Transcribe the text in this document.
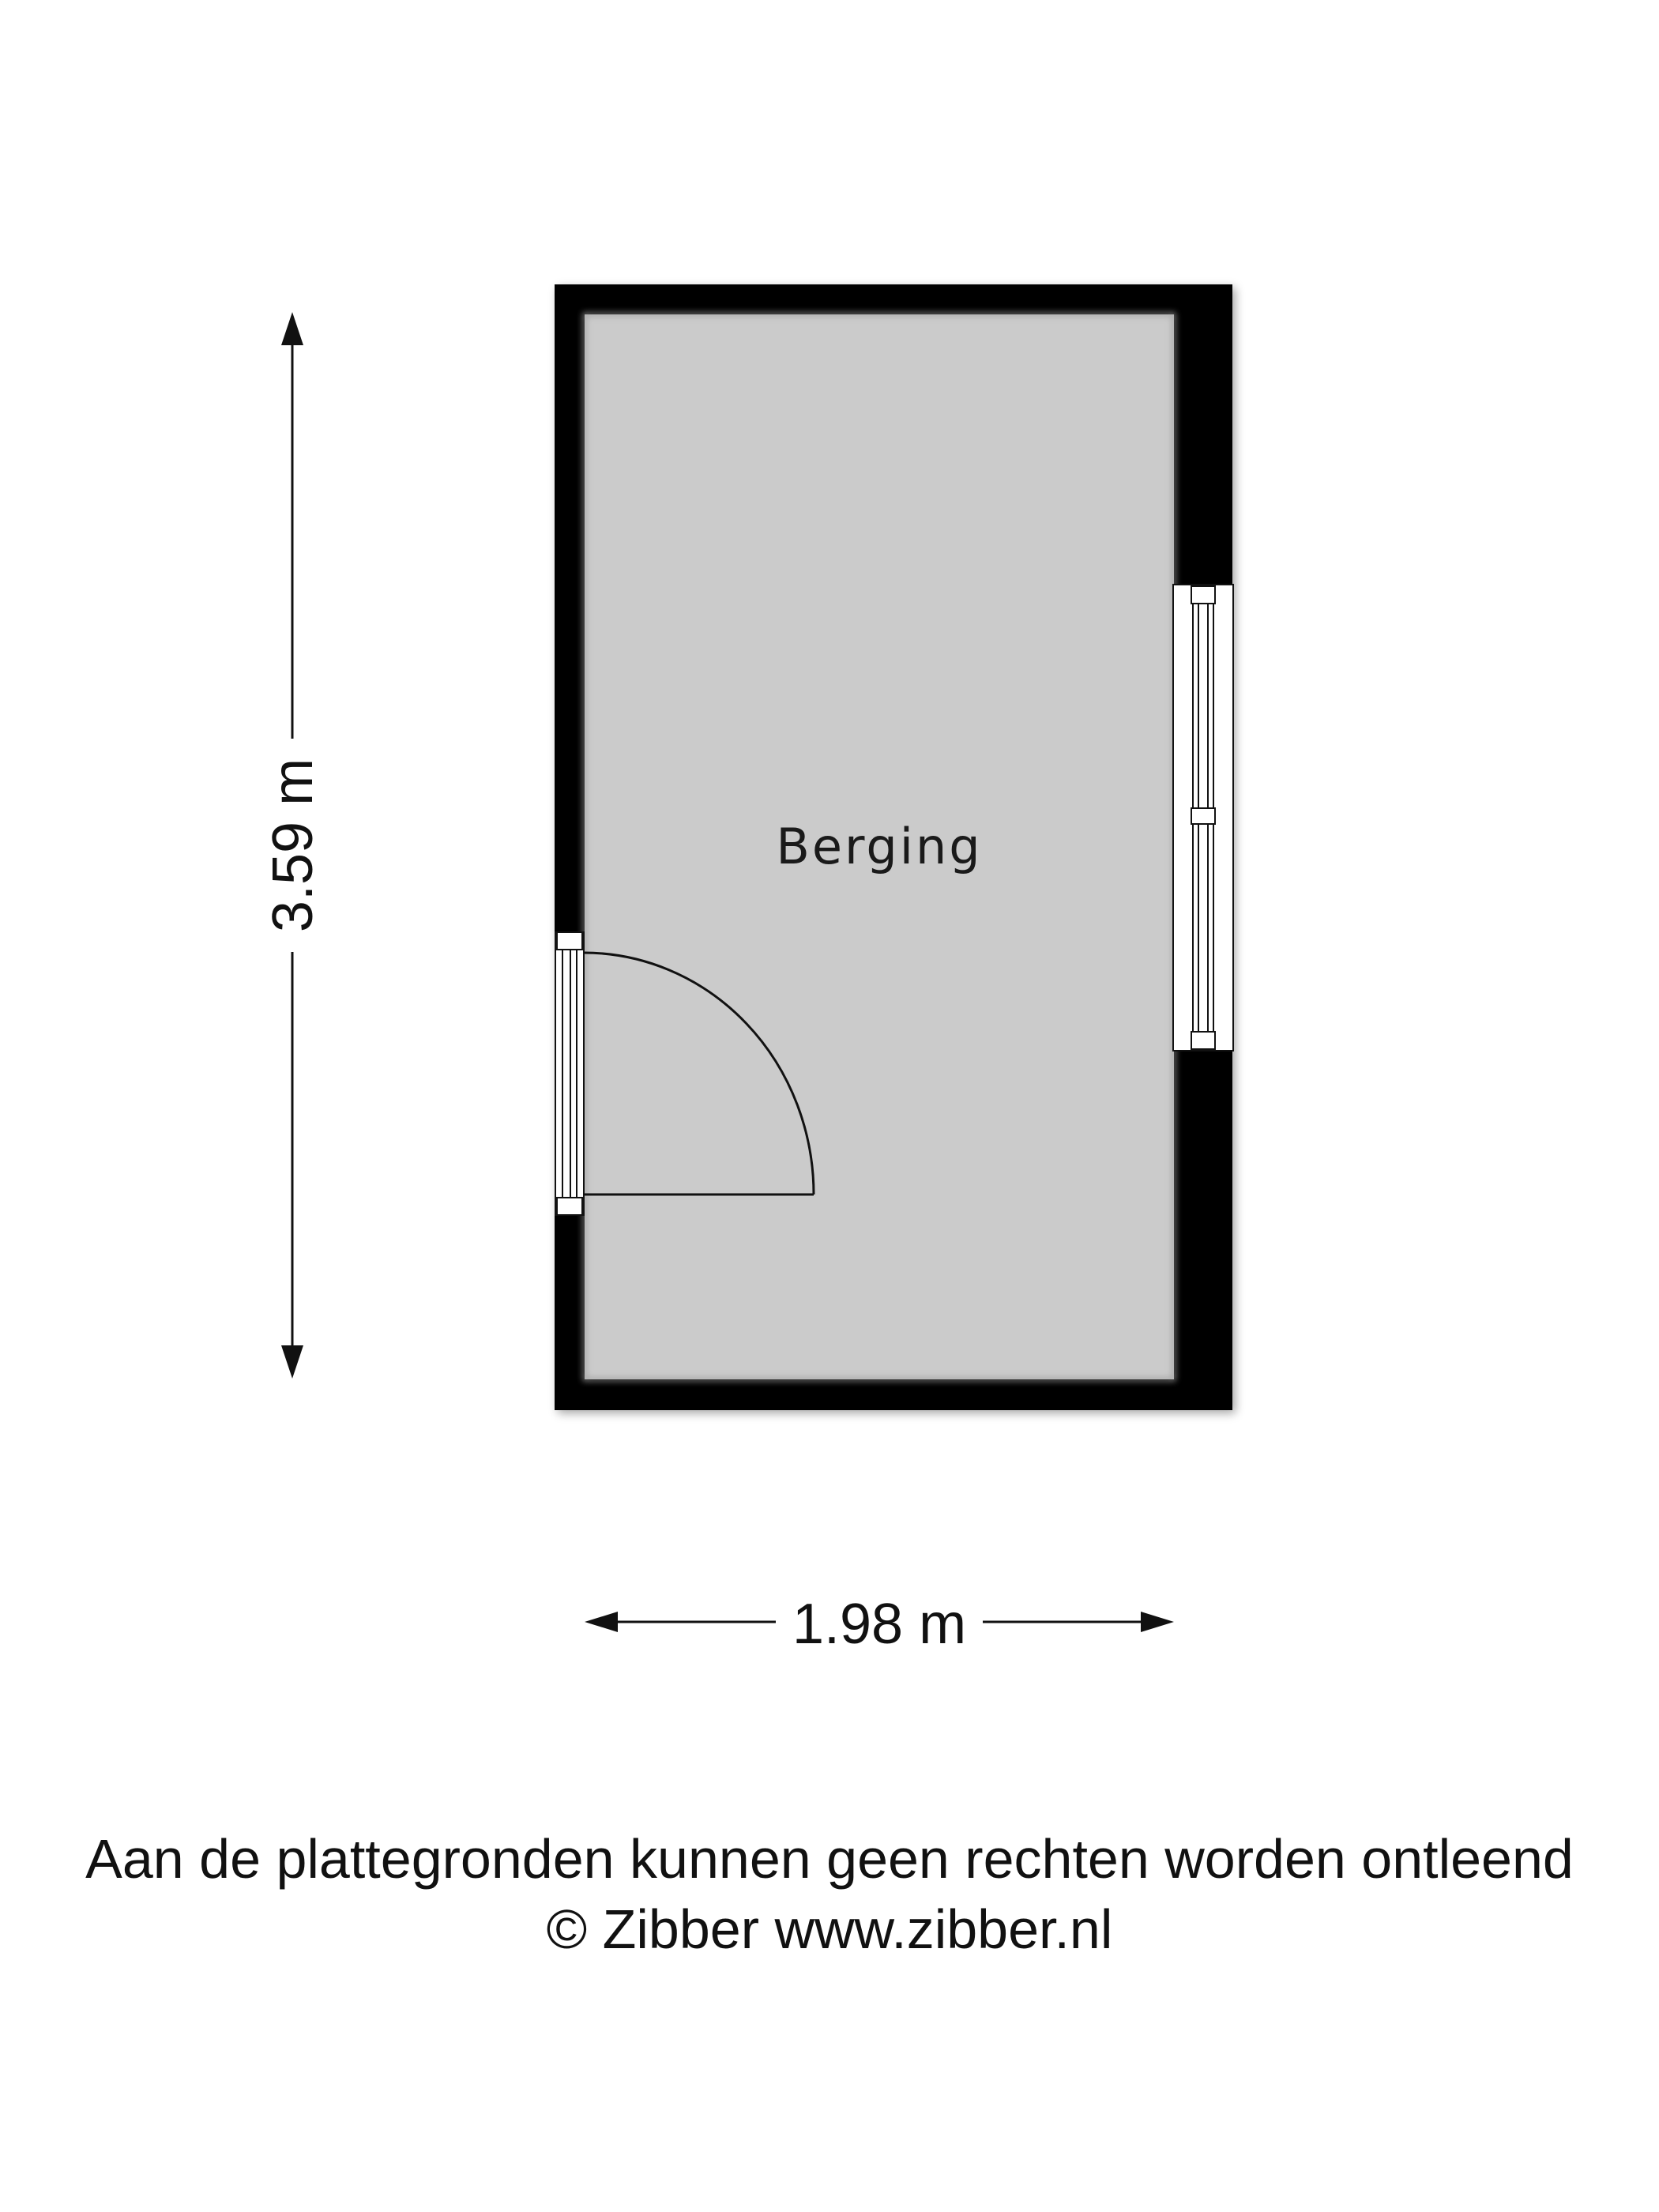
Berging
3.59 m
1.98 m
Aan de plattegronden kunnen geen rechten worden ontleend
© Zibber www.zibber.nl
